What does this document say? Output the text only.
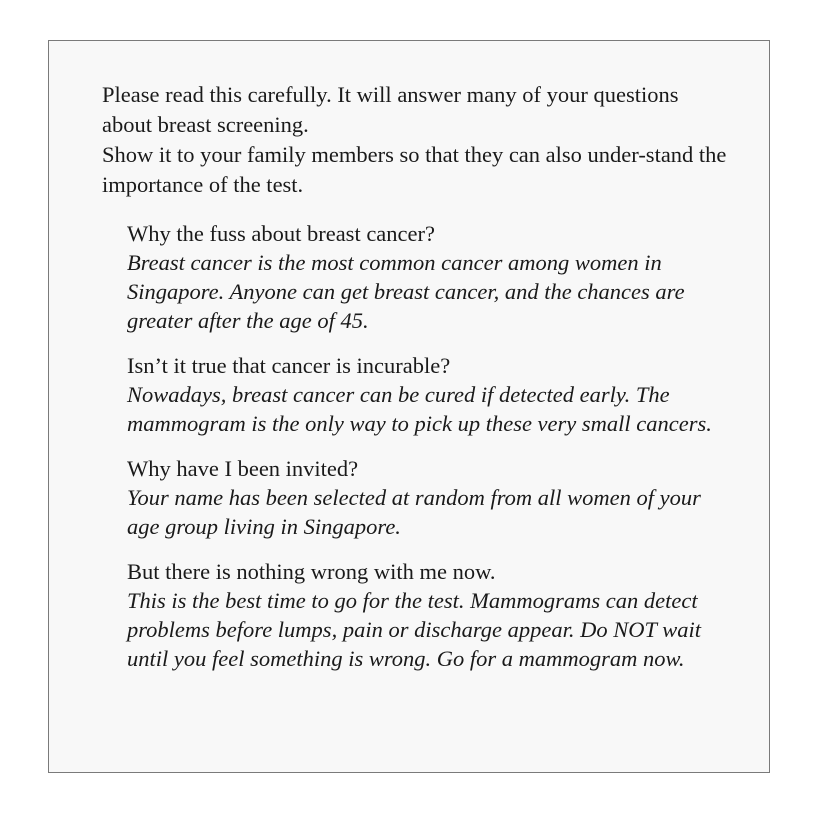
Please read this carefully. It will answer many of your questions about breast screening.

Show it to your family members so that they can also under-stand the importance of the test.

Why the fuss about breast cancer?
Breast cancer is the most common cancer among women in Singapore. Anyone can get breast cancer, and the chances are greater after the age of 45.
Isn’t it true that cancer is incurable?
Nowadays, breast cancer can be cured if detected early. The mammogram is the only way to pick up these very small cancers.
Why have I been invited?
Your name has been selected at random from all women of your age group living in Singapore.
But there is nothing wrong with me now.
This is the best time to go for the test. Mammograms can detect problems before lumps, pain or discharge appear. Do NOT wait until you feel something is wrong. Go for a mammogram now.
